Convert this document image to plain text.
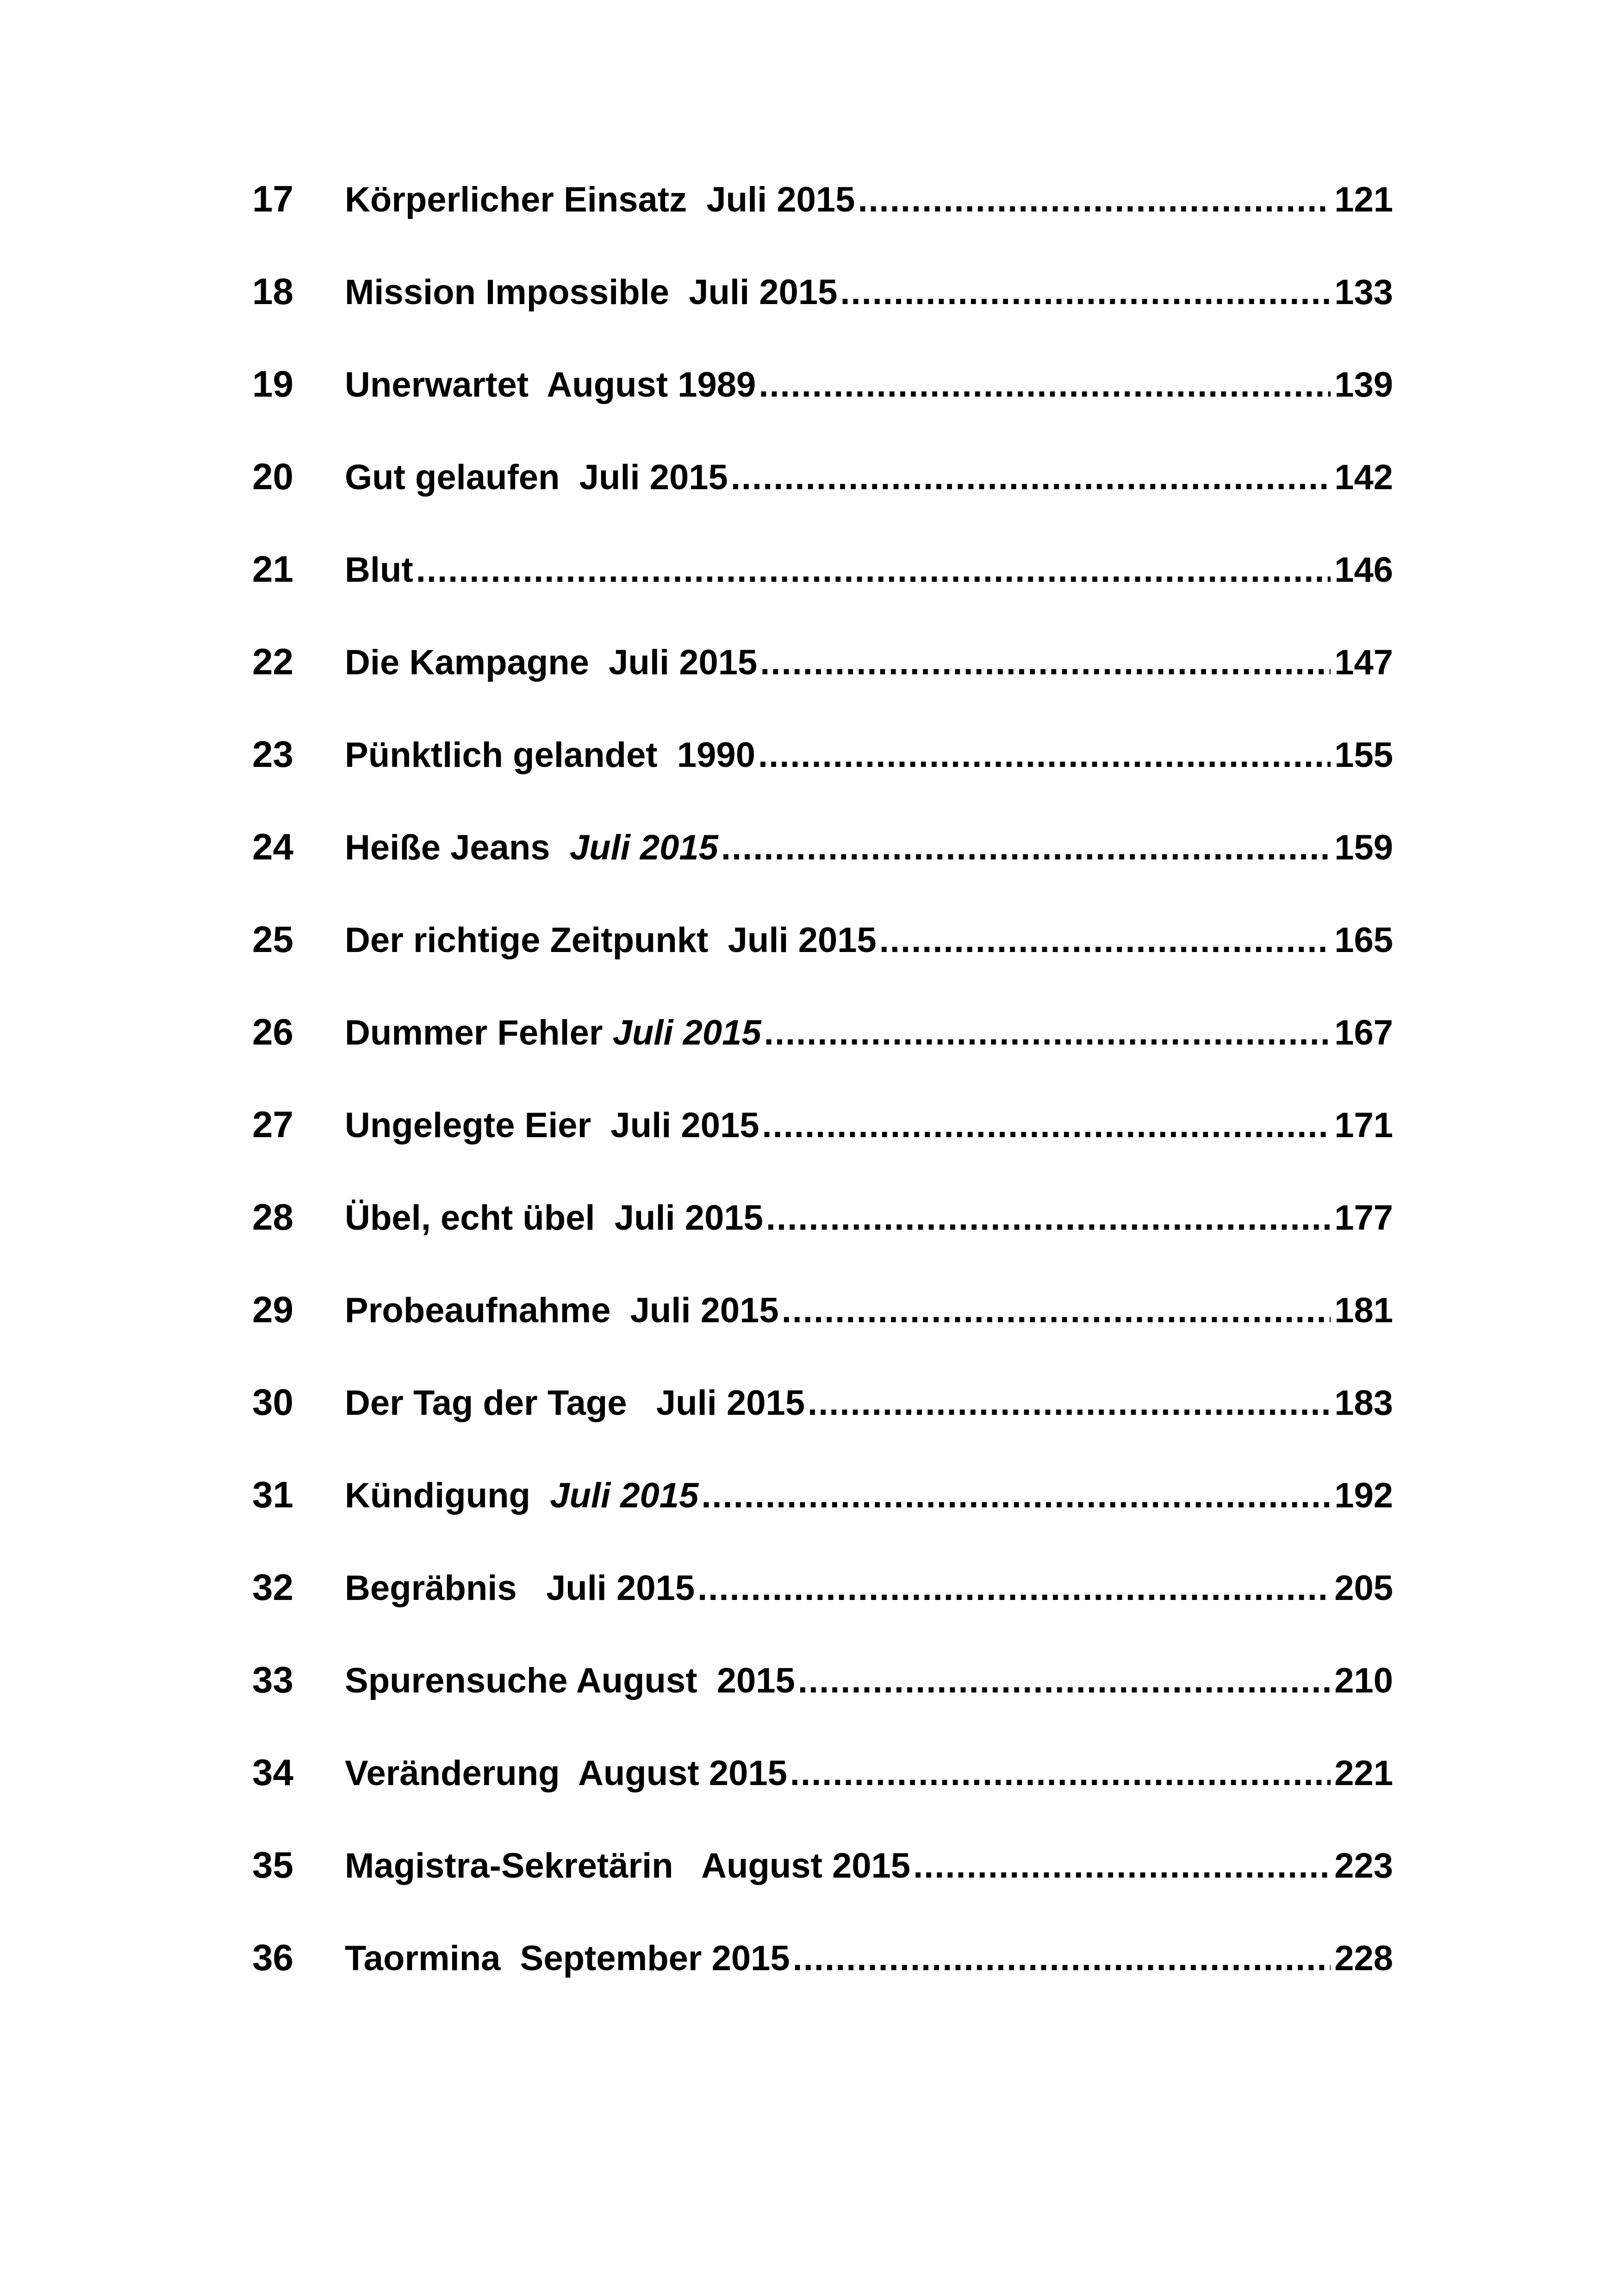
17	Körperlicher Einsatz  Juli 2015 .....	121
18	Mission Impossible  Juli 2015 .....	133
19	Unerwartet  August 1989 .....	139
20	Gut gelaufen  Juli 2015 .....	142
21	Blut .....	146
22	Die Kampagne  Juli 2015 .....	147
23	Pünktlich gelandet  1990 .....	155
24	Heiße Jeans  Juli 2015 .....	159
25	Der richtige Zeitpunkt  Juli 2015 .....	165
26	Dummer Fehler Juli 2015 .....	167
27	Ungelegte Eier  Juli 2015 .....	171
28	Übel, echt übel  Juli 2015 .....	177
29	Probeaufnahme  Juli 2015 .....	181
30	Der Tag der Tage   Juli 2015 .....	183
31	Kündigung  Juli 2015 .....	192
32	Begräbnis   Juli 2015 .....	205
33	Spurensuche August  2015 .....	210
34	Veränderung  August 2015 .....	221
35	Magistra-Sekretärin   August 2015 .....	223
36	Taormina  September 2015 .....	228
